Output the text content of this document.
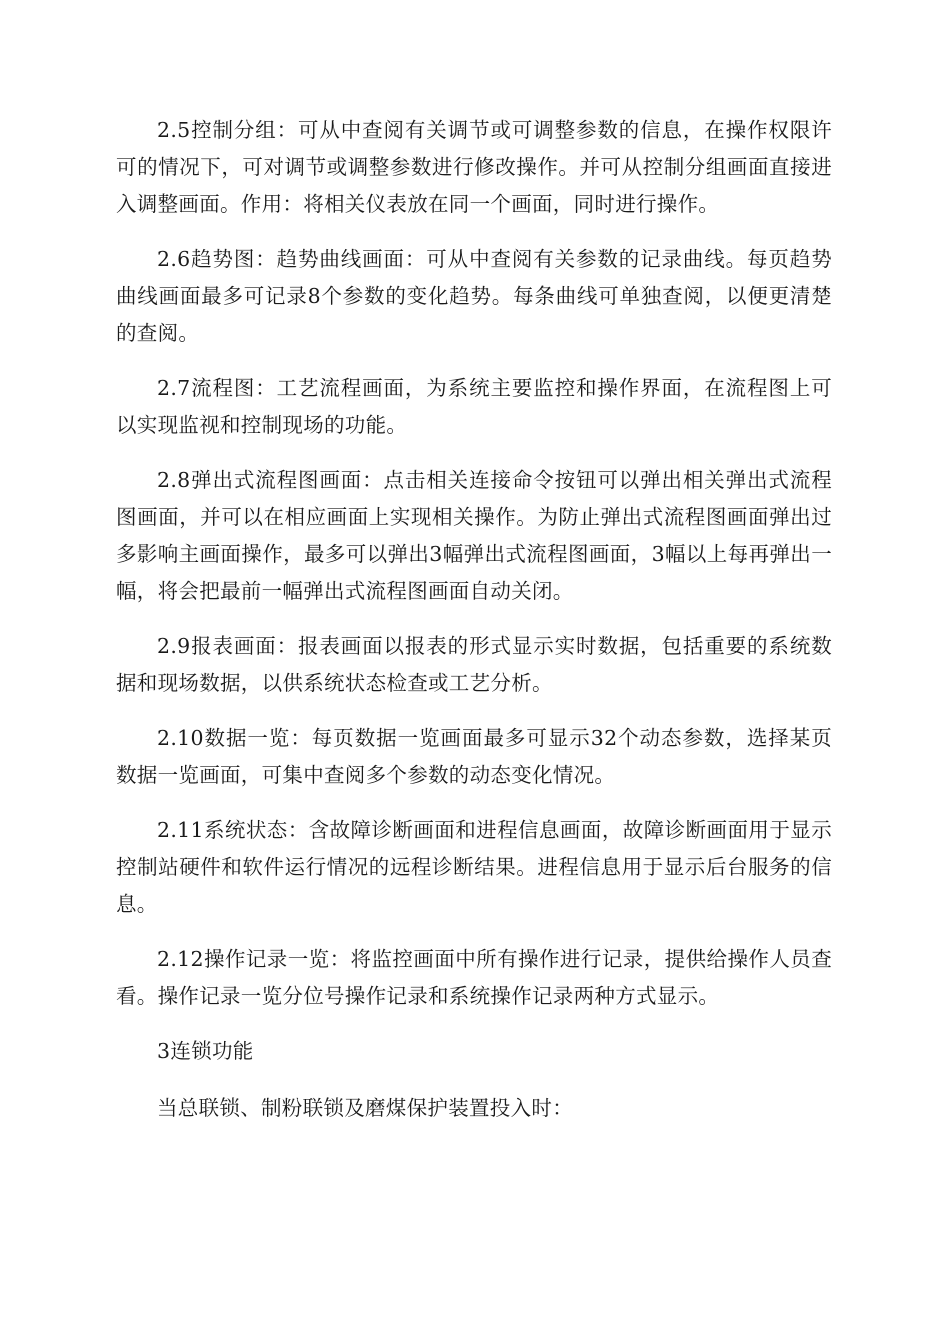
2.5控制分组：可从中查阅有关调节或可调整参数的信息，在操作权限许可的情况下，可对调节或调整参数进行修改操作。并可从控制分组画面直接进入调整画面。作用：将相关仪表放在同一个画面，同时进行操作。

2.6趋势图：趋势曲线画面：可从中查阅有关参数的记录曲线。每页趋势曲线画面最多可记录8个参数的变化趋势。每条曲线可单独查阅，以便更清楚的查阅。

2.7流程图：工艺流程画面，为系统主要监控和操作界面，在流程图上可以实现监视和控制现场的功能。

2.8弹出式流程图画面：点击相关连接命令按钮可以弹出相关弹出式流程图画面，并可以在相应画面上实现相关操作。为防止弹出式流程图画面弹出过多影响主画面操作，最多可以弹出3幅弹出式流程图画面，3幅以上每再弹出一幅，将会把最前一幅弹出式流程图画面自动关闭。

2.9报表画面：报表画面以报表的形式显示实时数据，包括重要的系统数据和现场数据，以供系统状态检查或工艺分析。

2.10数据一览：每页数据一览画面最多可显示32个动态参数，选择某页数据一览画面，可集中查阅多个参数的动态变化情况。

2.11系统状态：含故障诊断画面和进程信息画面，故障诊断画面用于显示控制站硬件和软件运行情况的远程诊断结果。进程信息用于显示后台服务的信息。

2.12操作记录一览：将监控画面中所有操作进行记录，提供给操作人员查看。操作记录一览分位号操作记录和系统操作记录两种方式显示。

3连锁功能

当总联锁、制粉联锁及磨煤保护装置投入时：
